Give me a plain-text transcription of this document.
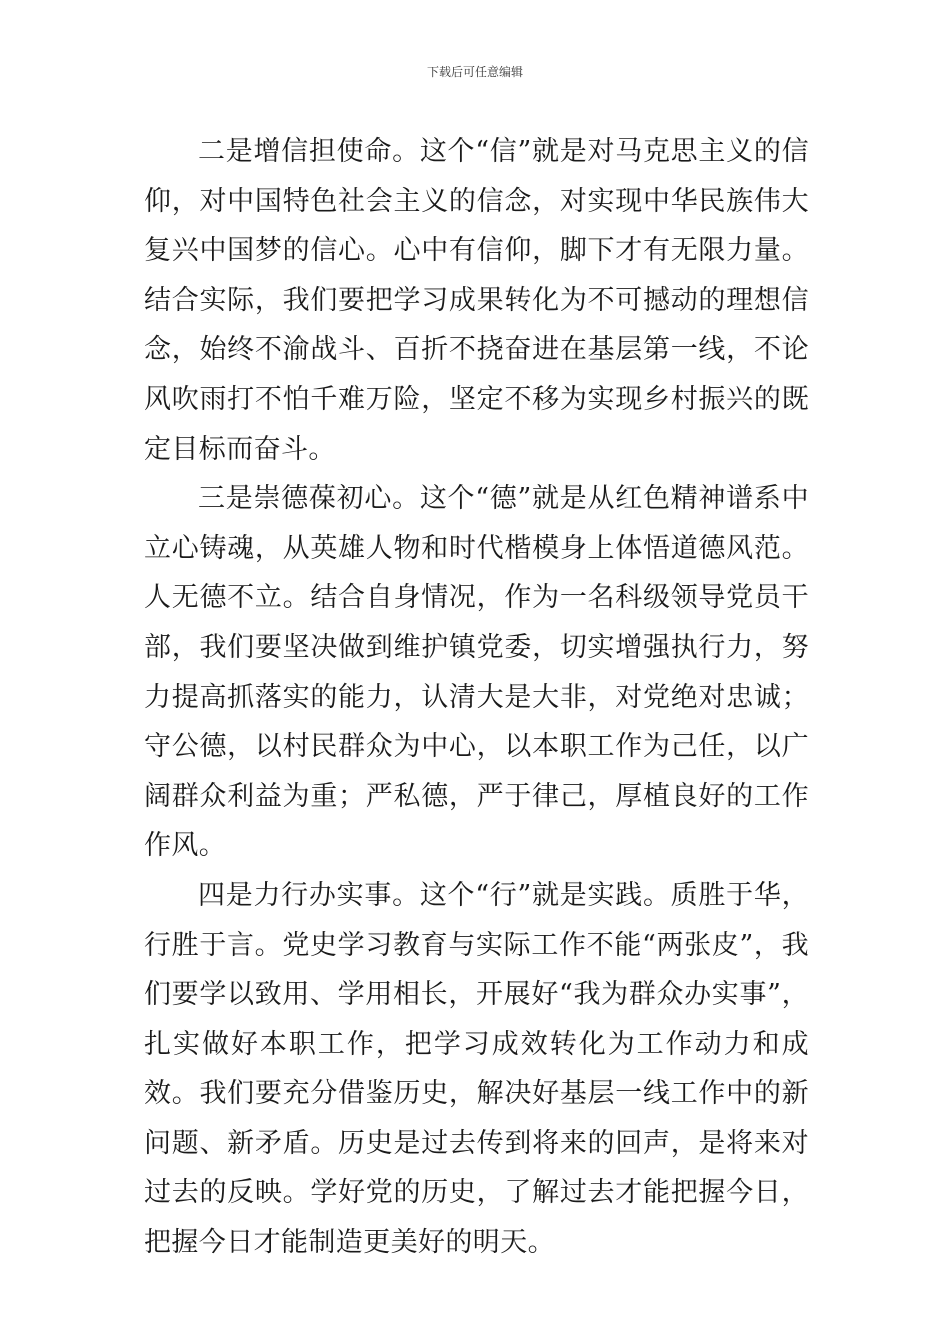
下载后可任意编辑

二是增信担使命。这个“信”就是对马克思主义的信仰，对中国特色社会主义的信念，对实现中华民族伟大复兴中国梦的信心。心中有信仰，脚下才有无限力量。结合实际，我们要把学习成果转化为不可撼动的理想信念，始终不渝战斗、百折不挠奋进在基层第一线，不论风吹雨打不怕千难万险，坚定不移为实现乡村振兴的既定目标而奋斗。

三是崇德葆初心。这个“德”就是从红色精神谱系中立心铸魂，从英雄人物和时代楷模身上体悟道德风范。人无德不立。结合自身情况，作为一名科级领导党员干部，我们要坚决做到维护镇党委，切实增强执行力，努力提高抓落实的能力，认清大是大非，对党绝对忠诚；守公德，以村民群众为中心，以本职工作为己任，以广阔群众利益为重；严私德，严于律己，厚植良好的工作作风。

四是力行办实事。这个“行”就是实践。质胜于华，行胜于言。党史学习教育与实际工作不能“两张皮”，我们要学以致用、学用相长，开展好“我为群众办实事”，扎实做好本职工作，把学习成效转化为工作动力和成效。我们要充分借鉴历史，解决好基层一线工作中的新问题、新矛盾。历史是过去传到将来的回声，是将来对过去的反映。学好党的历史，了解过去才能把握今日，把握今日才能制造更美好的明天。
